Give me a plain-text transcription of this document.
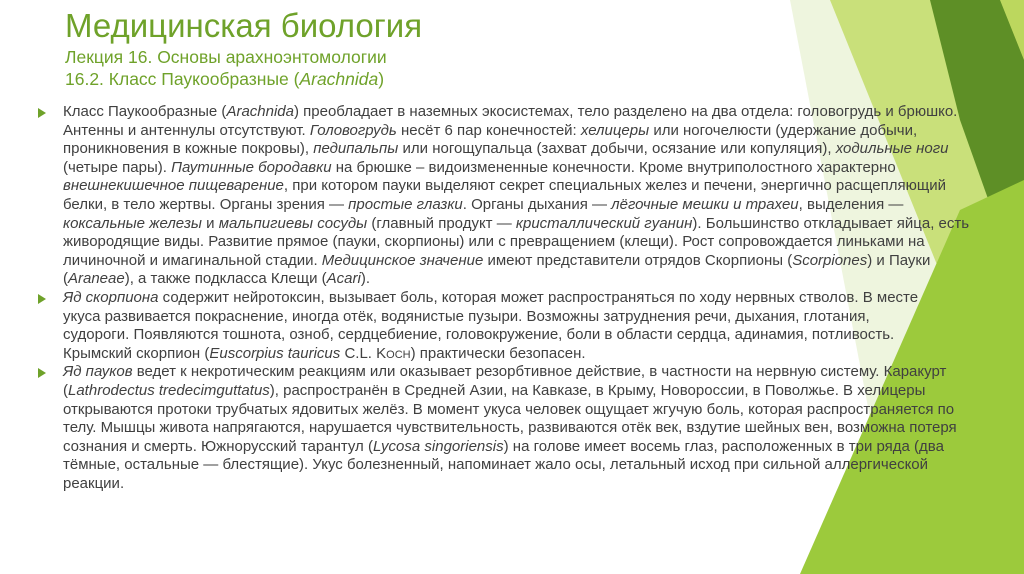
Медицинская биология
Лекция 16. Основы арахноэнтомологии
16.2. Класс Паукообразные (Arachnida)

Класс Паукообразные (Arachnida) преобладает в наземных экосистемах, тело разделено на два отдела: головогрудь и брюшко. Антенны и антеннулы отсутствуют. Головогрудь несёт 6 пар конечностей: хелицеры или ногочелюсти (удержание добычи, проникновения в кожные покровы), педипальпы или ногощупальца (захват добычи, осязание или копуляция), ходильные ноги (четыре пары). Паутинные бородавки на брюшке – видоизмененные конечности. Кроме внутриполостного характерно внешнекишечное пищеварение, при котором пауки выделяют секрет специальных желез и печени, энергично расщепляющий белки, в тело жертвы. Органы зрения — простые глазки. Органы дыхания — лёгочные мешки и трахеи, выделения — коксальные железы и мальпигиевы сосуды (главный продукт — кристаллический гуанин). Большинство откладывает яйца, есть живородящие виды. Развитие прямое (пауки, скорпионы) или с превращением (клещи). Рост сопровождается линьками на личиночной и имагинальной стадии. Медицинское значение имеют представители отрядов Скорпионы (Scorpiones) и Пауки (Araneae), а также подкласса Клещи (Acari).

Яд скорпиона содержит нейротоксин, вызывает боль, которая может распространяться по ходу нервных стволов. В месте укуса развивается покраснение, иногда отёк, водянистые пузыри. Возможны затруднения речи, дыхания, глотания, судороги. Появляются тошнота, озноб, сердцебиение, головокружение, боли в области сердца, адинамия, потливость. Крымский скорпион (Euscorpius tauricus C.L. Koch) практически безопасен.

Яд пауков ведет к некротическим реакциям или оказывает резорбтивное действие, в частности на нервную систему. Каракурт (Lathrodectus tredecimguttatus), распространён в Средней Азии, на Кавказе, в Крыму, Новороссии, в Поволжье. В хелицеры открываются протоки трубчатых ядовитых желёз. В момент укуса человек ощущает жгучую боль, которая распространяется по телу. Мышцы живота напрягаются, нарушается чувствительность, развиваются отёк век, вздутие шейных вен, возможна потеря сознания и смерть. Южнорусский тарантул (Lycosa singoriensis) на голове имеет восемь глаз, расположенных в три ряда (два тёмные, остальные — блестящие). Укус болезненный, напоминает жало осы, летальный исход при сильной аллергической реакции.
